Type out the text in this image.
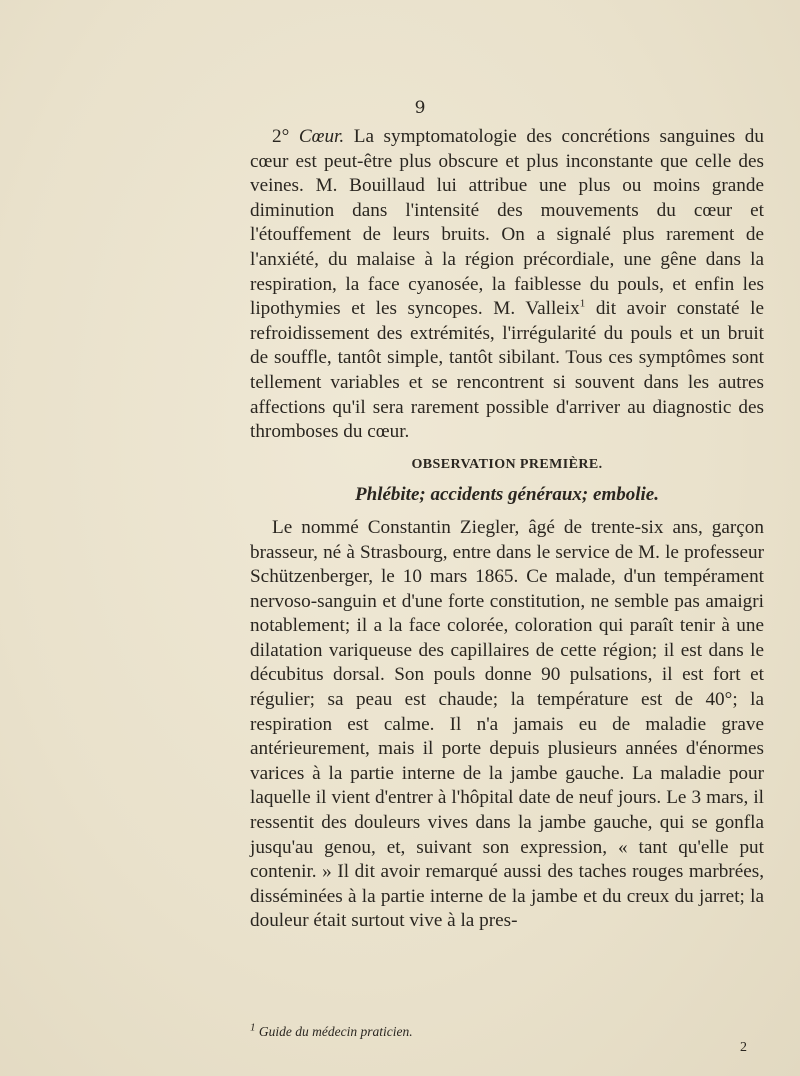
9

2° Cœur. La symptomatologie des concrétions sanguines du cœur est peut-être plus obscure et plus inconstante que celle des veines. M. Bouillaud lui attribue une plus ou moins grande diminution dans l'intensité des mouvements du cœur et l'étouffement de leurs bruits. On a signalé plus rarement de l'anxiété, du malaise à la région précordiale, une gêne dans la respiration, la face cyanosée, la faiblesse du pouls, et enfin les lipothymies et les syncopes. M. Valleix$^1$ dit avoir constaté le refroidissement des extrémités, l'irrégularité du pouls et un bruit de souffle, tantôt simple, tantôt sibilant. Tous ces symptômes sont tellement variables et se rencontrent si souvent dans les autres affections qu'il sera rarement possible d'arriver au diagnostic des thromboses du cœur.

OBSERVATION PREMIÈRE.

Phlébite; accidents généraux; embolie.

Le nommé Constantin Ziegler, âgé de trente-six ans, garçon brasseur, né à Strasbourg, entre dans le service de M. le professeur Schützenberger, le 10 mars 1865. Ce malade, d'un tempérament nervoso-sanguin et d'une forte constitution, ne semble pas amaigri notablement; il a la face colorée, coloration qui paraît tenir à une dilatation variqueuse des capillaires de cette région; il est dans le décubitus dorsal. Son pouls donne 90 pulsations, il est fort et régulier; sa peau est chaude; la température est de 40°; la respiration est calme. Il n'a jamais eu de maladie grave antérieurement, mais il porte depuis plusieurs années d'énormes varices à la partie interne de la jambe gauche. La maladie pour laquelle il vient d'entrer à l'hôpital date de neuf jours. Le 3 mars, il ressentit des douleurs vives dans la jambe gauche, qui se gonfla jusqu'au genou, et, suivant son expression, « tant qu'elle put contenir. » Il dit avoir remarqué aussi des taches rouges marbrées, disséminées à la partie interne de la jambe et du creux du jarret; la douleur était surtout vive à la pres-

$^1$ Guide du médecin praticien.
2
